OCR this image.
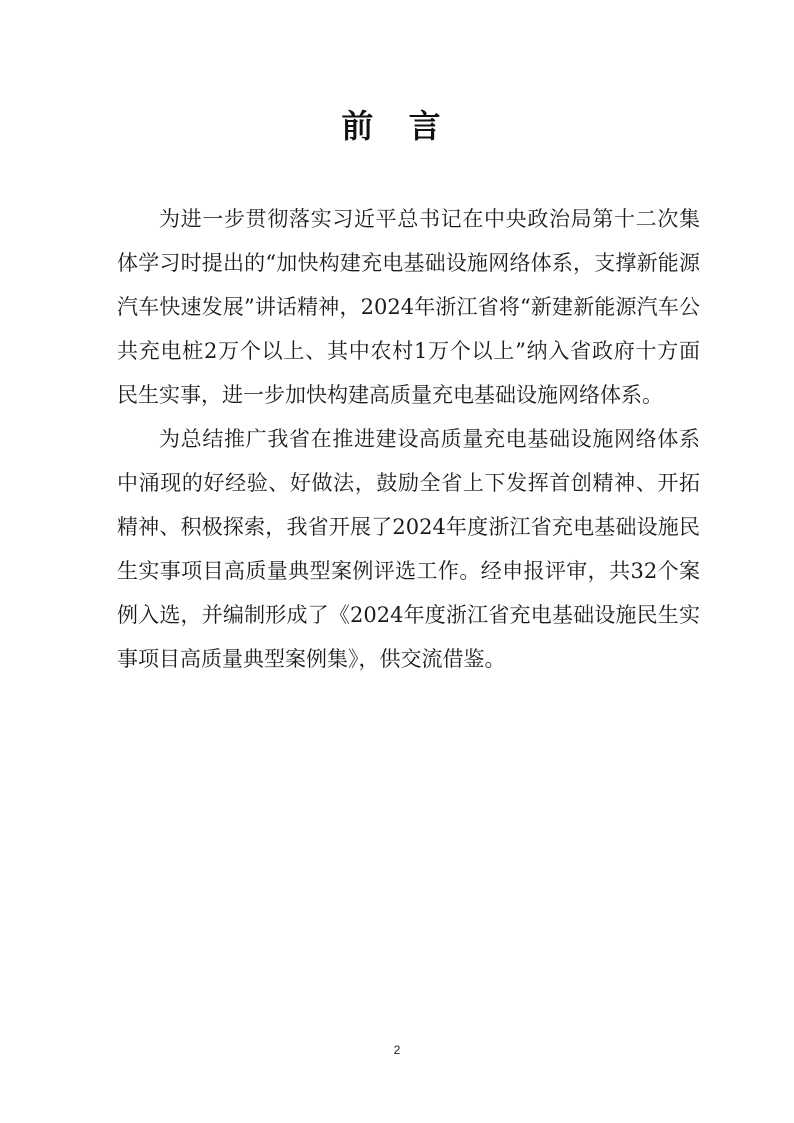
前 言

为进一步贯彻落实习近平总书记在中央政治局第十二次集体学习时提出的“加快构建充电基础设施网络体系，支撑新能源汽车快速发展”讲话精神，2024年浙江省将“新建新能源汽车公共充电桩2万个以上、其中农村1万个以上”纳入省政府十方面民生实事，进一步加快构建高质量充电基础设施网络体系。

为总结推广我省在推进建设高质量充电基础设施网络体系中涌现的好经验、好做法，鼓励全省上下发挥首创精神、开拓精神、积极探索，我省开展了2024年度浙江省充电基础设施民生实事项目高质量典型案例评选工作。经申报评审，共32个案例入选，并编制形成了《2024年度浙江省充电基础设施民生实事项目高质量典型案例集》，供交流借鉴。

2
